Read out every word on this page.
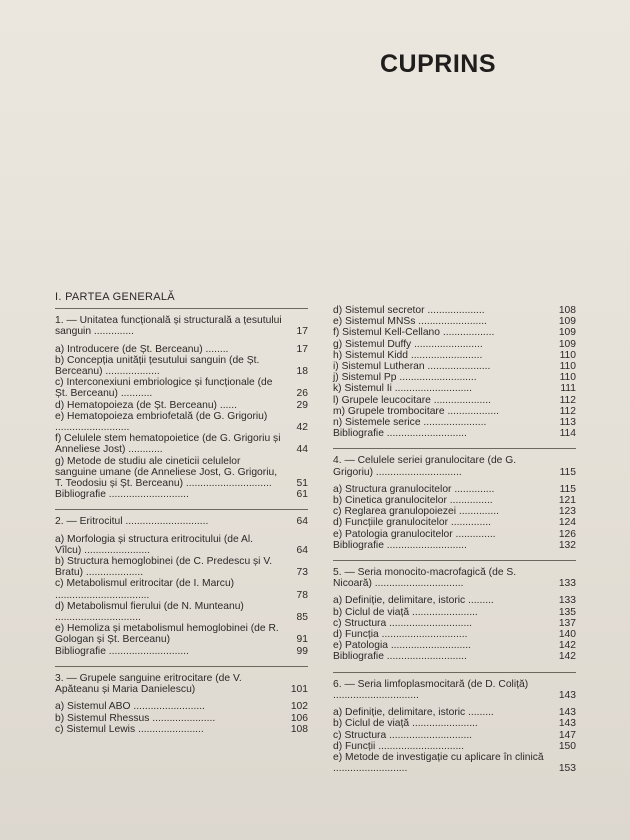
CUPRINS
I. PARTEA GENERALĂ
1. — Unitatea funcțională și structurală a țesutului sanguin ..............	17
a) Introducere (de Șt. Berceanu) ........	17
b) Concepția unității țesutului sanguin (de Șt. Berceanu) ...................	18
c) Interconexiuni embriologice și funcționale (de Șt. Berceanu) ...........	26
d) Hematopoieza (de Șt. Berceanu) ......	29
e) Hematopoieza embriofetală (de G. Grigoriu) ..........................	42
f) Celulele stem hematopoietice (de G. Grigoriu și Anneliese Jost) ............	44
g) Metode de studiu ale cineticii celulelor sanguine umane (de Anneliese Jost, G. Grigoriu, T. Teodosiu și Șt. Berceanu) ..............................	51
Bibliografie ............................	61
2. — Eritrocitul .............................	64
a) Morfologia și structura eritrocitului (de Al. Vîlcu) .......................	64
b) Structura hemoglobinei (de C. Predescu și V. Bratu) ....................	73
c) Metabolismul eritrocitar (de I. Marcu) .................................	78
d) Metabolismul fierului (de N. Munteanu) ..............................	85
e) Hemoliza și metabolismul hemoglobinei (de R. Gologan și Șt. Berceanu)	91
Bibliografie ............................	99
3. — Grupele sanguine eritrocitare (de V. Apăteanu și Maria Danielescu)	101
a) Sistemul ABO .........................	102
b) Sistemul Rhessus ......................	106
c) Sistemul Lewis .......................	108
d) Sistemul secretor ....................	108
e) Sistemul MNSs ........................	109
f) Sistemul Kell-Cellano ..................	109
g) Sistemul Duffy ........................	109
h) Sistemul Kidd .........................	110
i) Sistemul Lutheran ......................	110
j) Sistemul Pp ...........................	110
k) Sistemul Ii ...........................	111
l) Grupele leucocitare ....................	112
m) Grupele trombocitare ..................	112
n) Sistemele serice ......................	113
Bibliografie ............................	114
4. — Celulele seriei granulocitare (de G. Grigoriu) ..............................	115
a) Structura granulocitelor ..............	115
b) Cinetica granulocitelor ...............	121
c) Reglarea granulopoiezei ..............	123
d) Funcțiile granulocitelor ..............	124
e) Patologia granulocitelor ..............	126
Bibliografie ............................	132
5. — Seria monocito-macrofagică (de S. Nicoară) ...............................	133
a) Definiție, delimitare, istoric .........	133
b) Ciclul de viață .......................	135
c) Structura .............................	137
d) Funcția ..............................	140
e) Patologia ............................	142
Bibliografie ............................	142
6. — Seria limfoplasmocitară (de D. Coliță) ..............................	143
a) Definiție, delimitare, istoric .........	143
b) Ciclul de viață .......................	143
c) Structura .............................	147
d) Funcții ..............................	150
e) Metode de investigație cu aplicare în clinică ..........................	153
